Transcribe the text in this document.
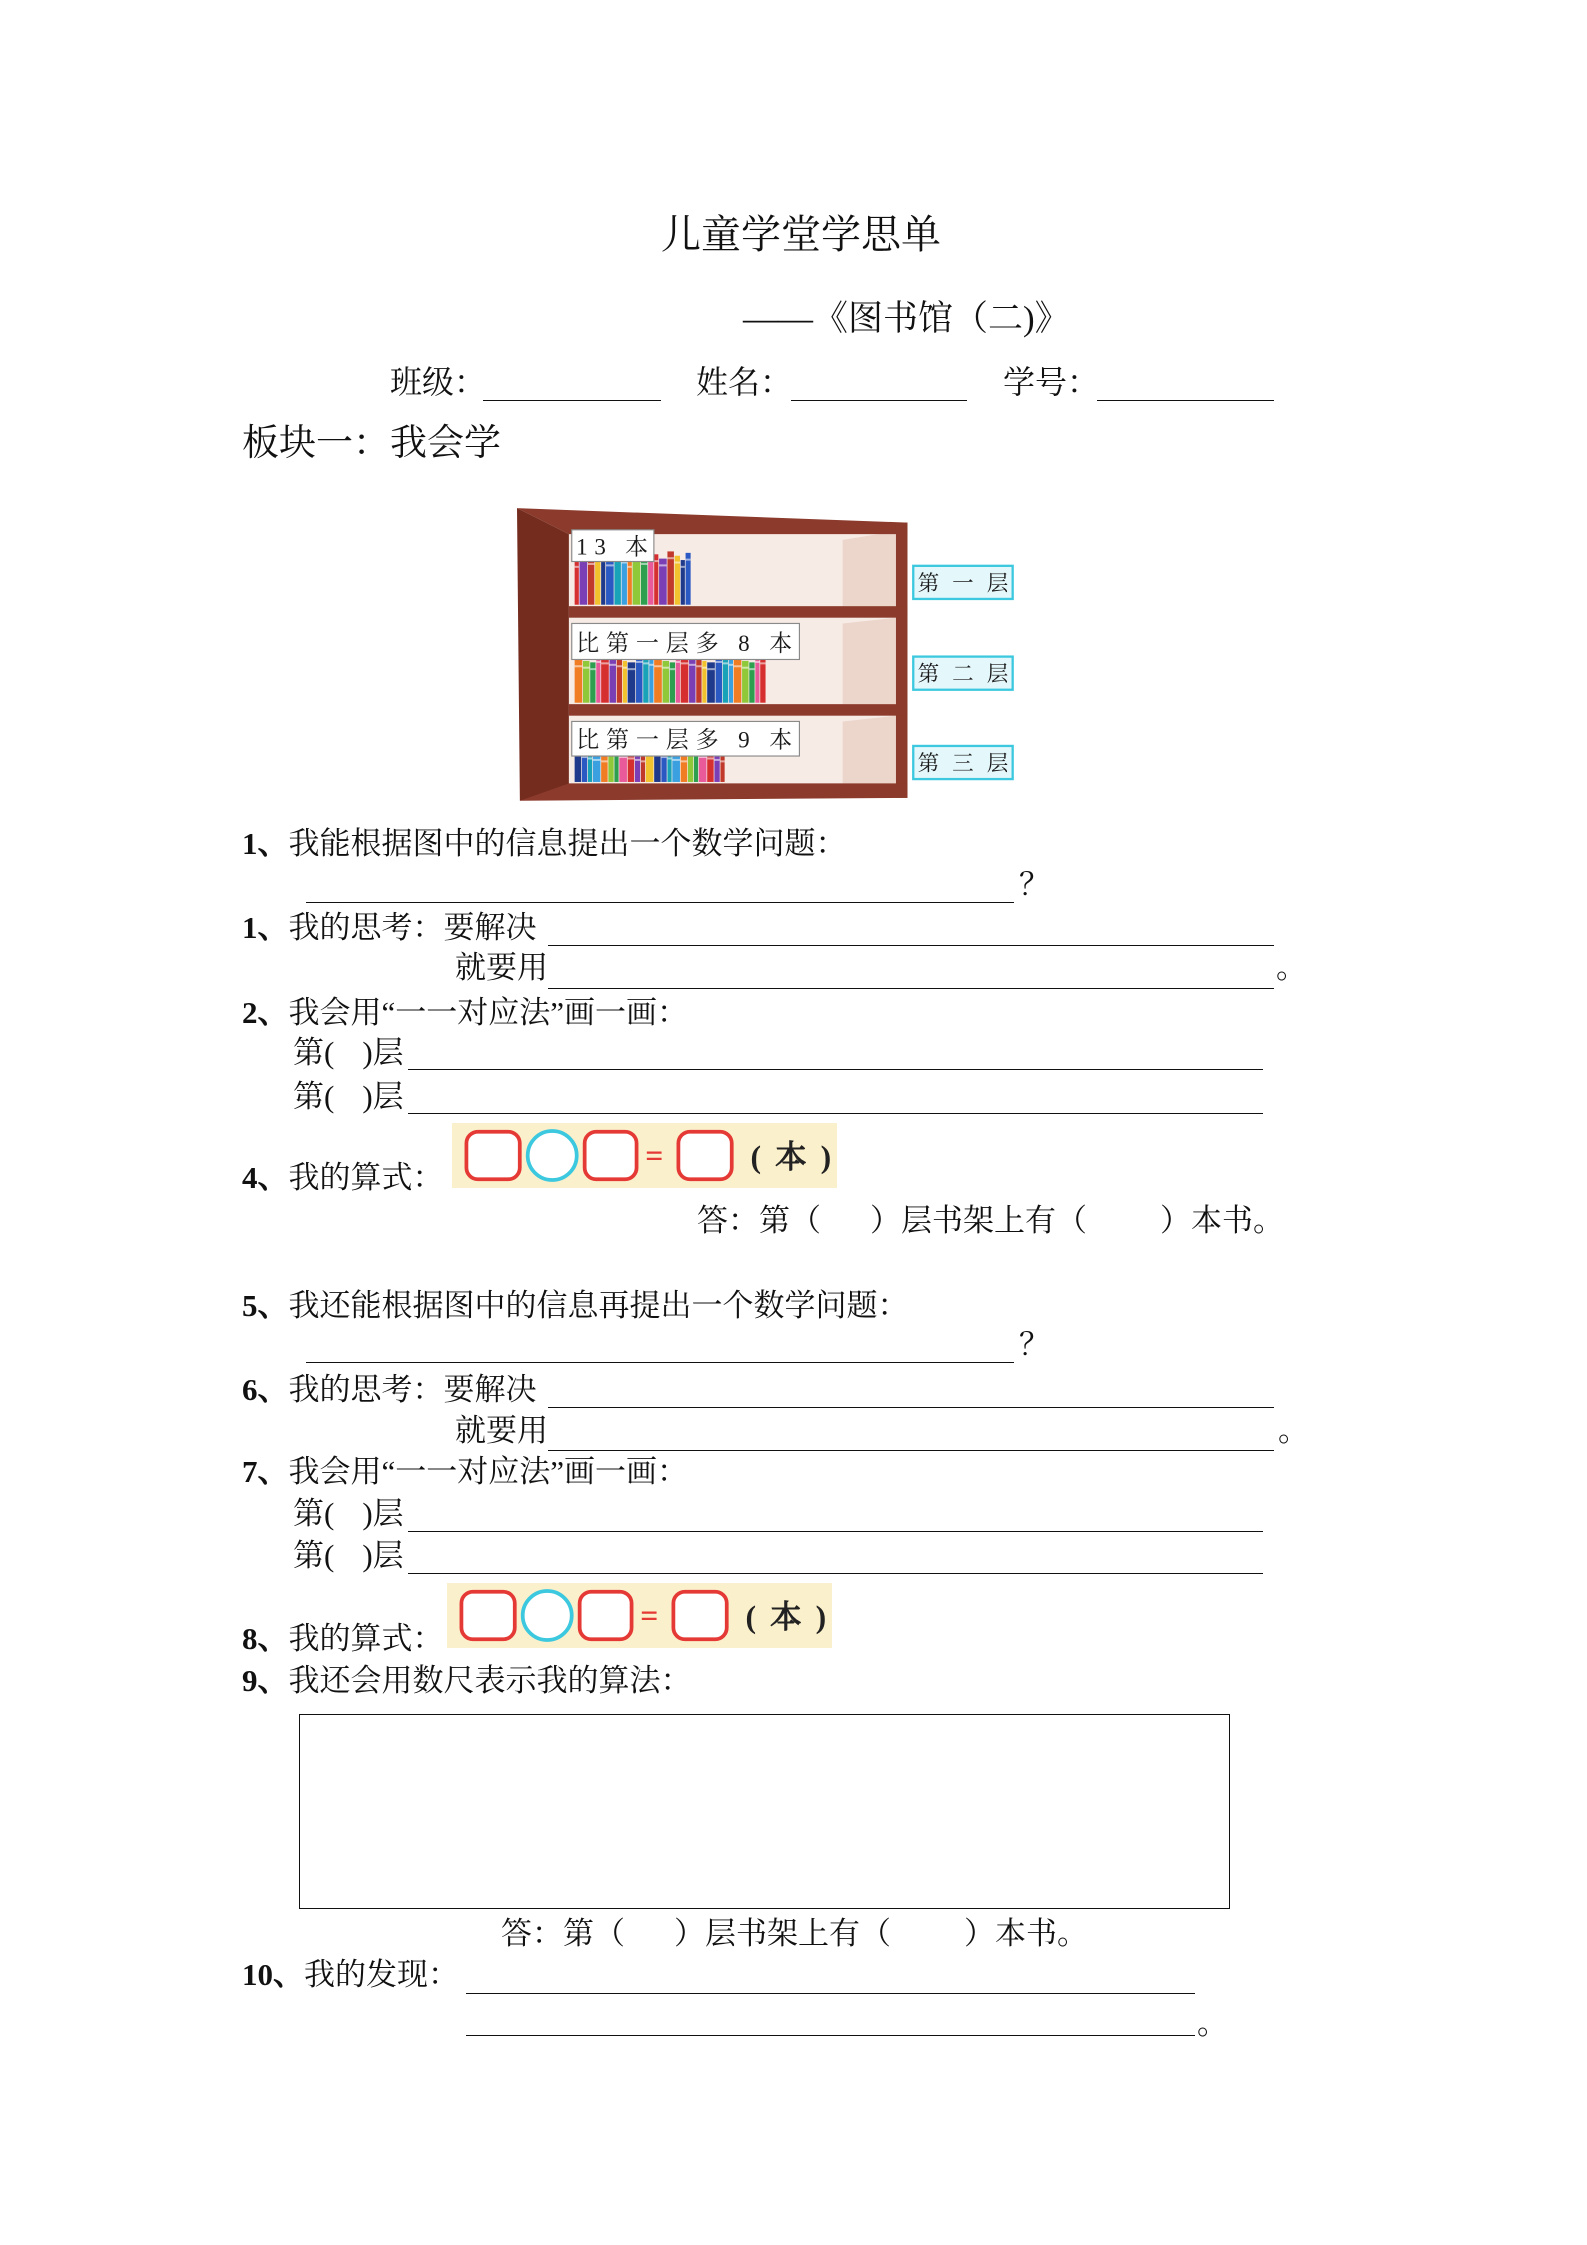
儿童学堂学思单
——《图书馆（二)》
班级：	姓名：	学号：
板块一：我会学
13 本
比第一层多 8 本
比第一层多 9 本
第一层
第二层
第三层
1、我能根据图中的信息提出一个数学问题：
？
1、我的思考：要解决
就要用	。
2、我会用“一一对应法”画一画：
第( )层
第( )层
4、我的算式：
=	(本)
答：第（ ）层书架上有（ ）本书。
5、我还能根据图中的信息再提出一个数学问题：
？
6、我的思考：要解决
就要用	。
7、我会用“一一对应法”画一画：
第( )层
第( )层
8、我的算式：
=	(本)
9、我还会用数尺表示我的算法：
答：第（ ）层书架上有（ ）本书。
10、我的发现：
。
